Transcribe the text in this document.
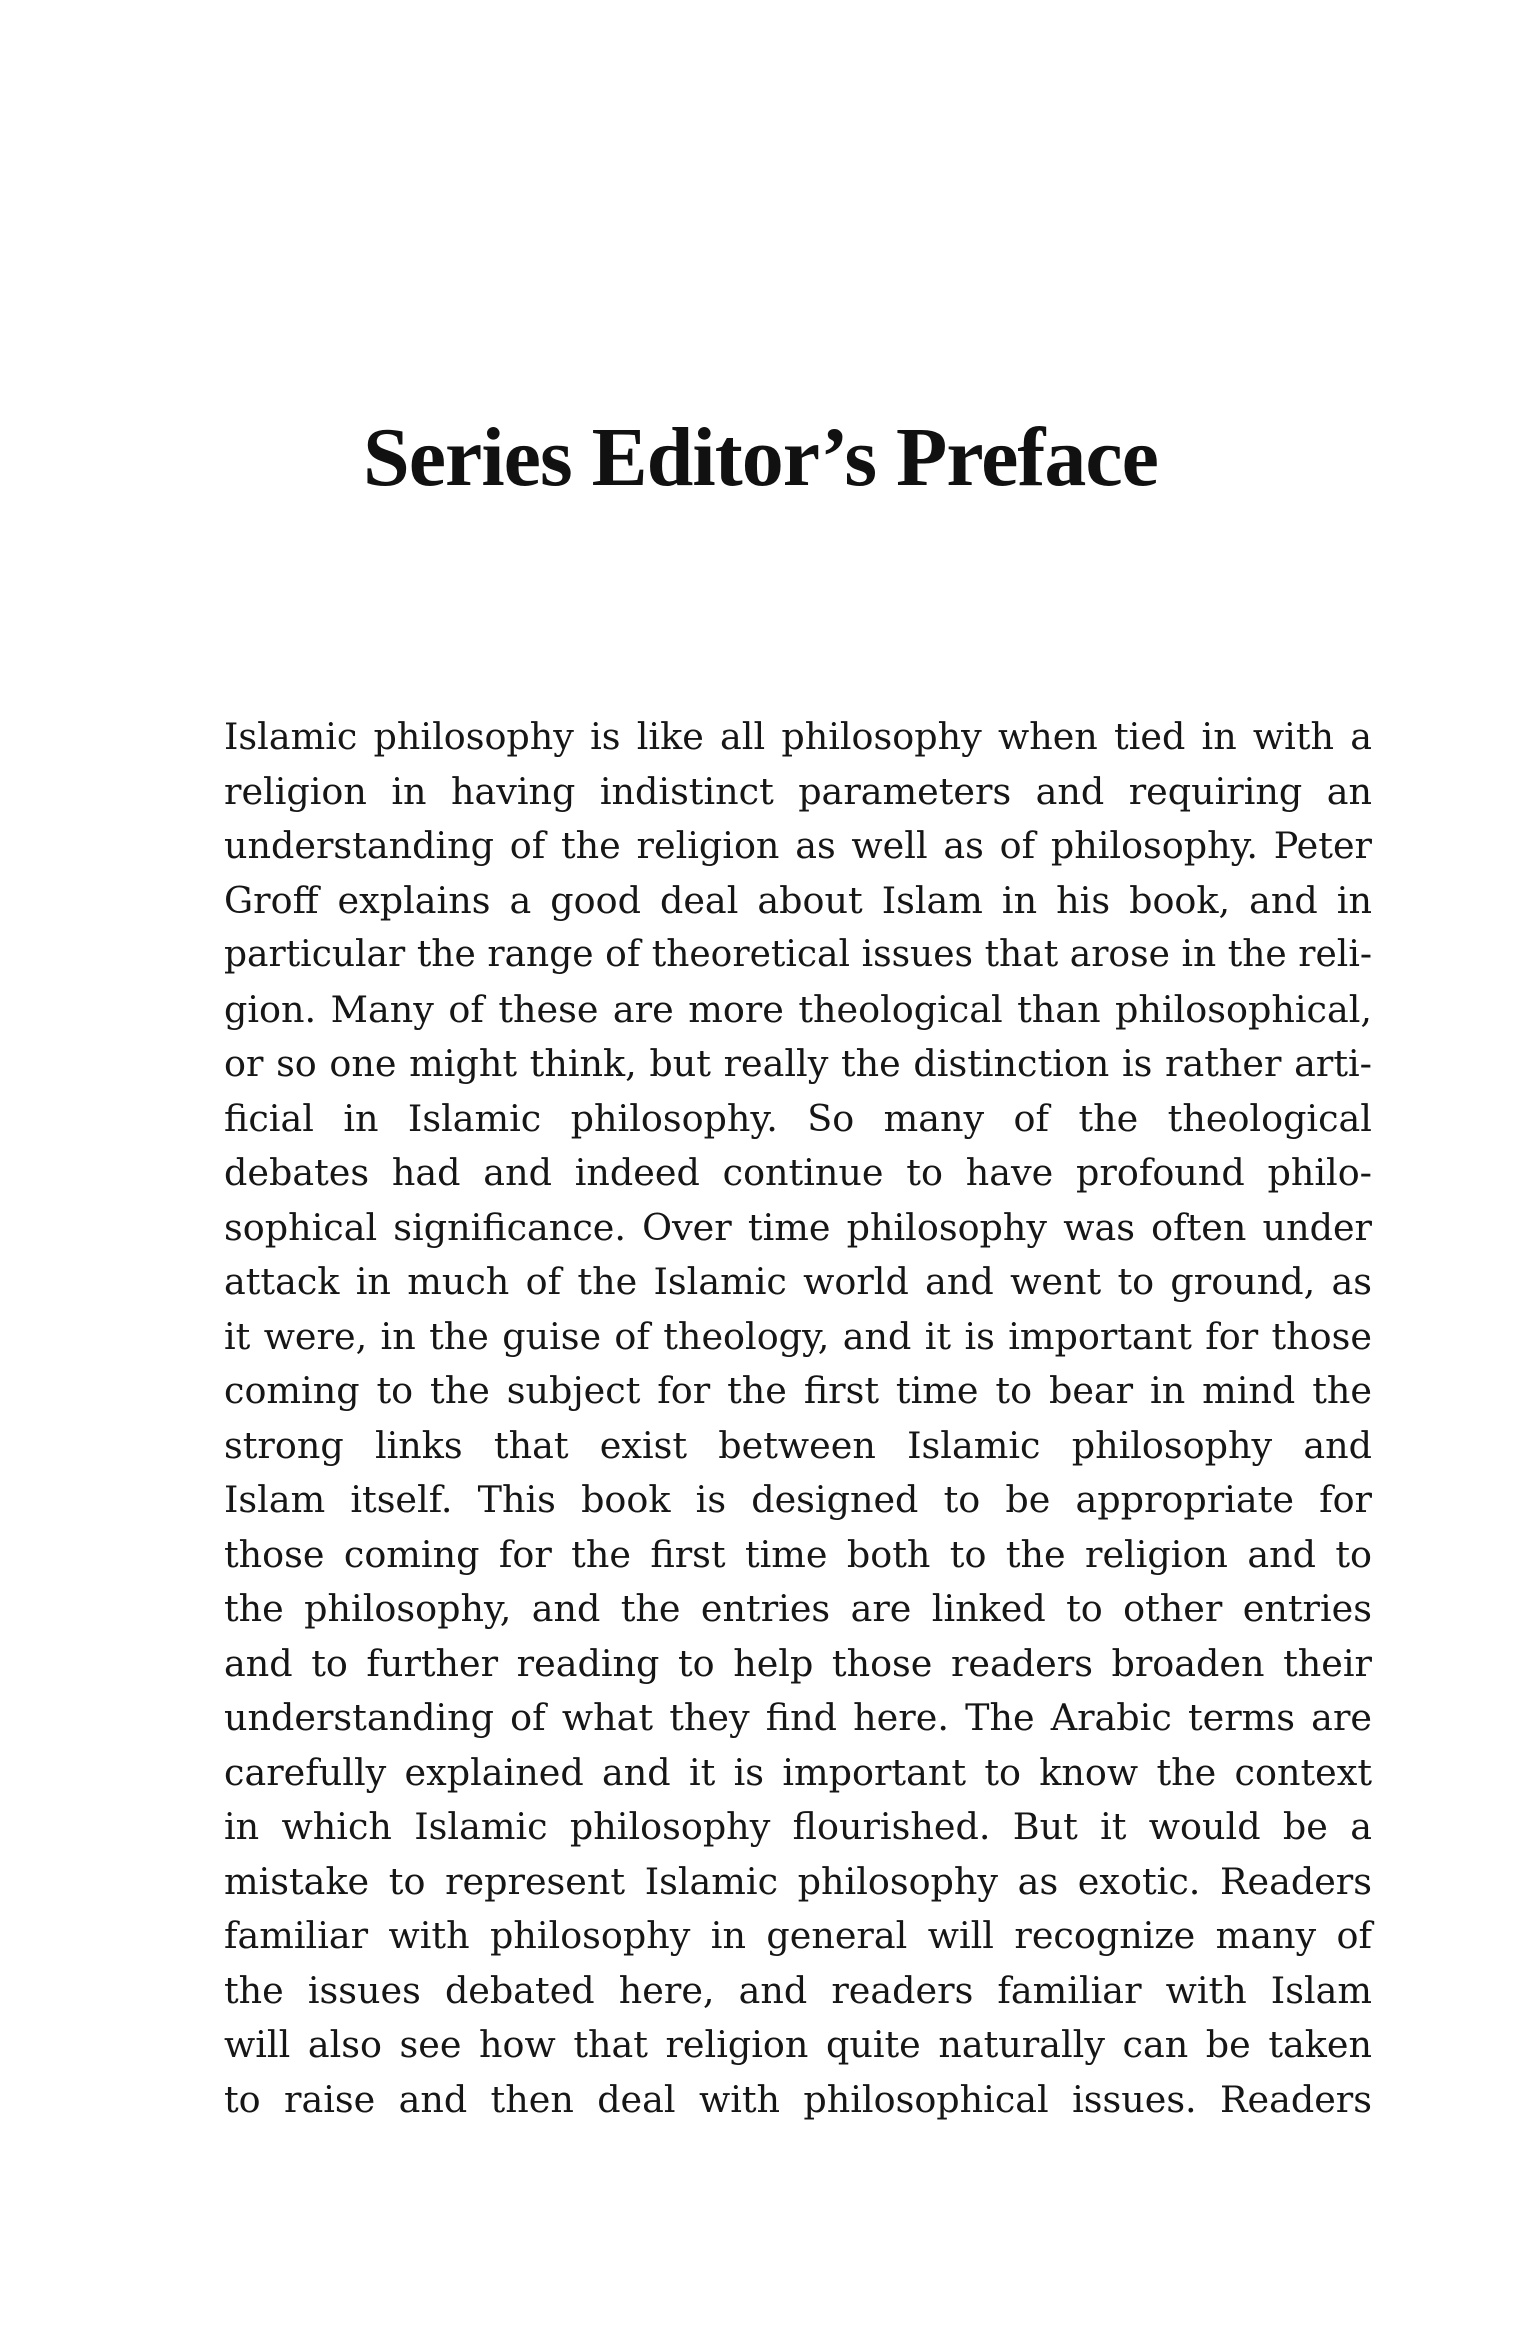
Series Editor’s Preface
Islamic philosophy is like all philosophy when tied in with a
religion in having indistinct parameters and requiring an
understanding of the religion as well as of philosophy. Peter
Groff explains a good deal about Islam in his book, and in
particular the range of theoretical issues that arose in the reli-
gion. Many of these are more theological than philosophical,
or so one might think, but really the distinction is rather arti-
ficial in Islamic philosophy. So many of the theological
debates had and indeed continue to have profound philo-
sophical significance. Over time philosophy was often under
attack in much of the Islamic world and went to ground, as
it were, in the guise of theology, and it is important for those
coming to the subject for the first time to bear in mind the
strong links that exist between Islamic philosophy and
Islam itself. This book is designed to be appropriate for
those coming for the first time both to the religion and to
the philosophy, and the entries are linked to other entries
and to further reading to help those readers broaden their
understanding of what they find here. The Arabic terms are
carefully explained and it is important to know the context
in which Islamic philosophy flourished. But it would be a
mistake to represent Islamic philosophy as exotic. Readers
familiar with philosophy in general will recognize many of
the issues debated here, and readers familiar with Islam
will also see how that religion quite naturally can be taken
to raise and then deal with philosophical issues. Readers
